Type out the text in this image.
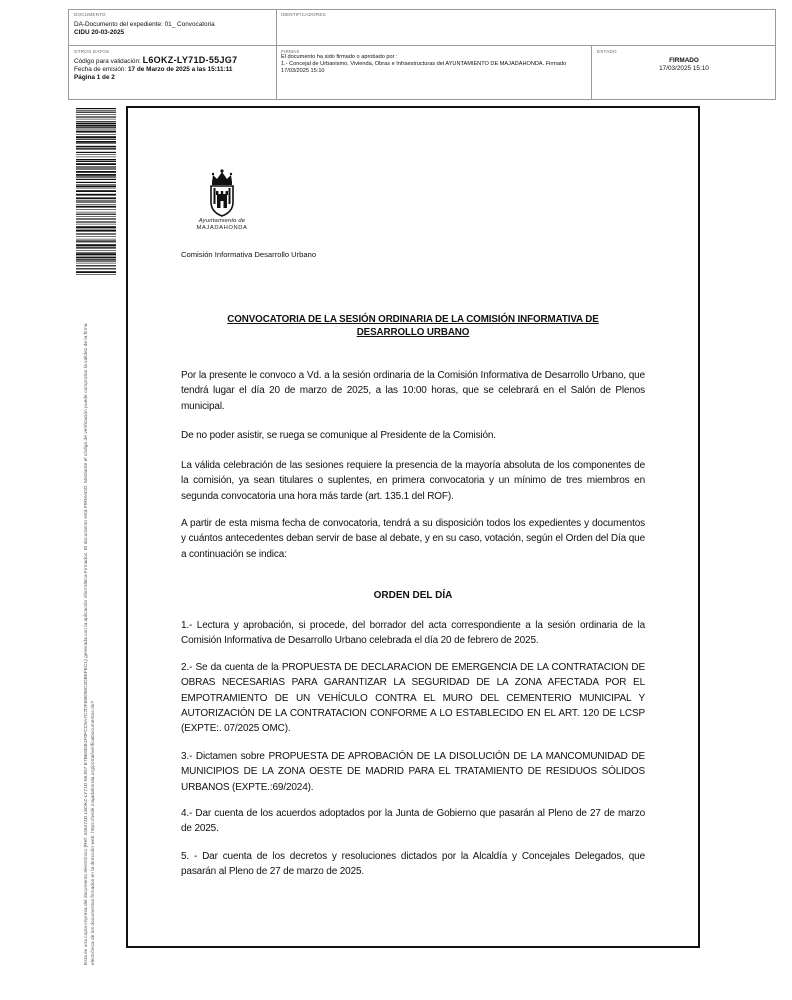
DOCUMENTO
DA-Documento del expediente: 01_ Convocatoria
CIDU 20-03-2025
IDENTIFICADORES
OTROS DATOS
Código para validación: L6OKZ-LY71D-55JG7
Fecha de emisión: 17 de Marzo de 2025 a las 15:11:11
Página 1 de 2
FIRMAS
El documento ha sido firmado o aprobado por :
1.- Concejal de Urbanismo, Vivienda, Obras e Infraestructuras del AYUNTAMIENTO DE MAJADAHONDA. Firmado
17/03/2025 15:10
ESTADO
FIRMADO
17/03/2025 15:10
Esta es una copia impresa del documento electrónico (Ref: 346474D L6OKZ-LY71D-55JG7 E7BE6DB1F0FCC5A7C7DF65E98C2DB5FEC1) generada con la aplicación informática Firmadoc. El documento está FIRMADO. Mediante el código de verificación puede comprobar la validez de la firma electrónica de los documentos firmados en la dirección web: https://sede.majadahonda.org/portal/verificaDocumentos.do?
Ayuntamiento de
MAJADAHONDA
Comisión Informativa Desarrollo Urbano
CONVOCATORIA DE LA SESIÓN ORDINARIA DE LA COMISIÓN INFORMATIVA DE DESARROLLO URBANO
Por la presente le convoco a Vd. a la sesión ordinaria de la Comisión Informativa de Desarrollo Urbano, que tendrá lugar el día 20 de marzo de 2025, a las 10:00 horas, que se celebrará en el Salón de Plenos municipal.
De no poder asistir, se ruega se comunique al Presidente de la Comisión.
La válida celebración de las sesiones requiere la presencia de la mayoría absoluta de los componentes de la comisión, ya sean titulares o suplentes, en primera convocatoria y un mínimo de tres miembros en segunda convocatoria una hora más tarde (art. 135.1 del ROF).
A partir de esta misma fecha de convocatoria, tendrá a su disposición todos los expedientes y documentos y cuántos antecedentes deban servir de base al debate, y en su caso, votación, según el Orden del Día que a continuación se indica:
ORDEN DEL DÍA
1.- Lectura y aprobación, si procede, del borrador del acta correspondiente a la sesión ordinaria de la Comisión Informativa de Desarrollo Urbano celebrada el día 20 de febrero de 2025.
2.- Se da cuenta de la PROPUESTA DE DECLARACION DE EMERGENCIA DE LA CONTRATACION DE OBRAS NECESARIAS PARA GARANTIZAR LA SEGURIDAD DE LA ZONA AFECTADA POR EL EMPOTRAMIENTO DE UN VEHÍCULO CONTRA EL MURO DEL CEMENTERIO MUNICIPAL Y AUTORIZACIÓN DE LA CONTRATACION CONFORME A LO ESTABLECIDO EN EL ART. 120 DE LCSP (EXPTE:. 07/2025 OMC).
3.- Dictamen sobre PROPUESTA DE APROBACIÓN DE LA DISOLUCIÓN DE LA MANCOMUNIDAD DE MUNICIPIOS DE LA ZONA OESTE DE MADRID PARA EL TRATAMIENTO DE RESIDUOS SÓLIDOS URBANOS (EXPTE.:69/2024).
4.- Dar cuenta de los acuerdos adoptados por la Junta de Gobierno que pasarán al Pleno de 27 de marzo de 2025.
5. - Dar cuenta de los decretos y resoluciones dictados por la Alcaldía y Concejales Delegados, que pasarán al Pleno de 27 de marzo de 2025.
